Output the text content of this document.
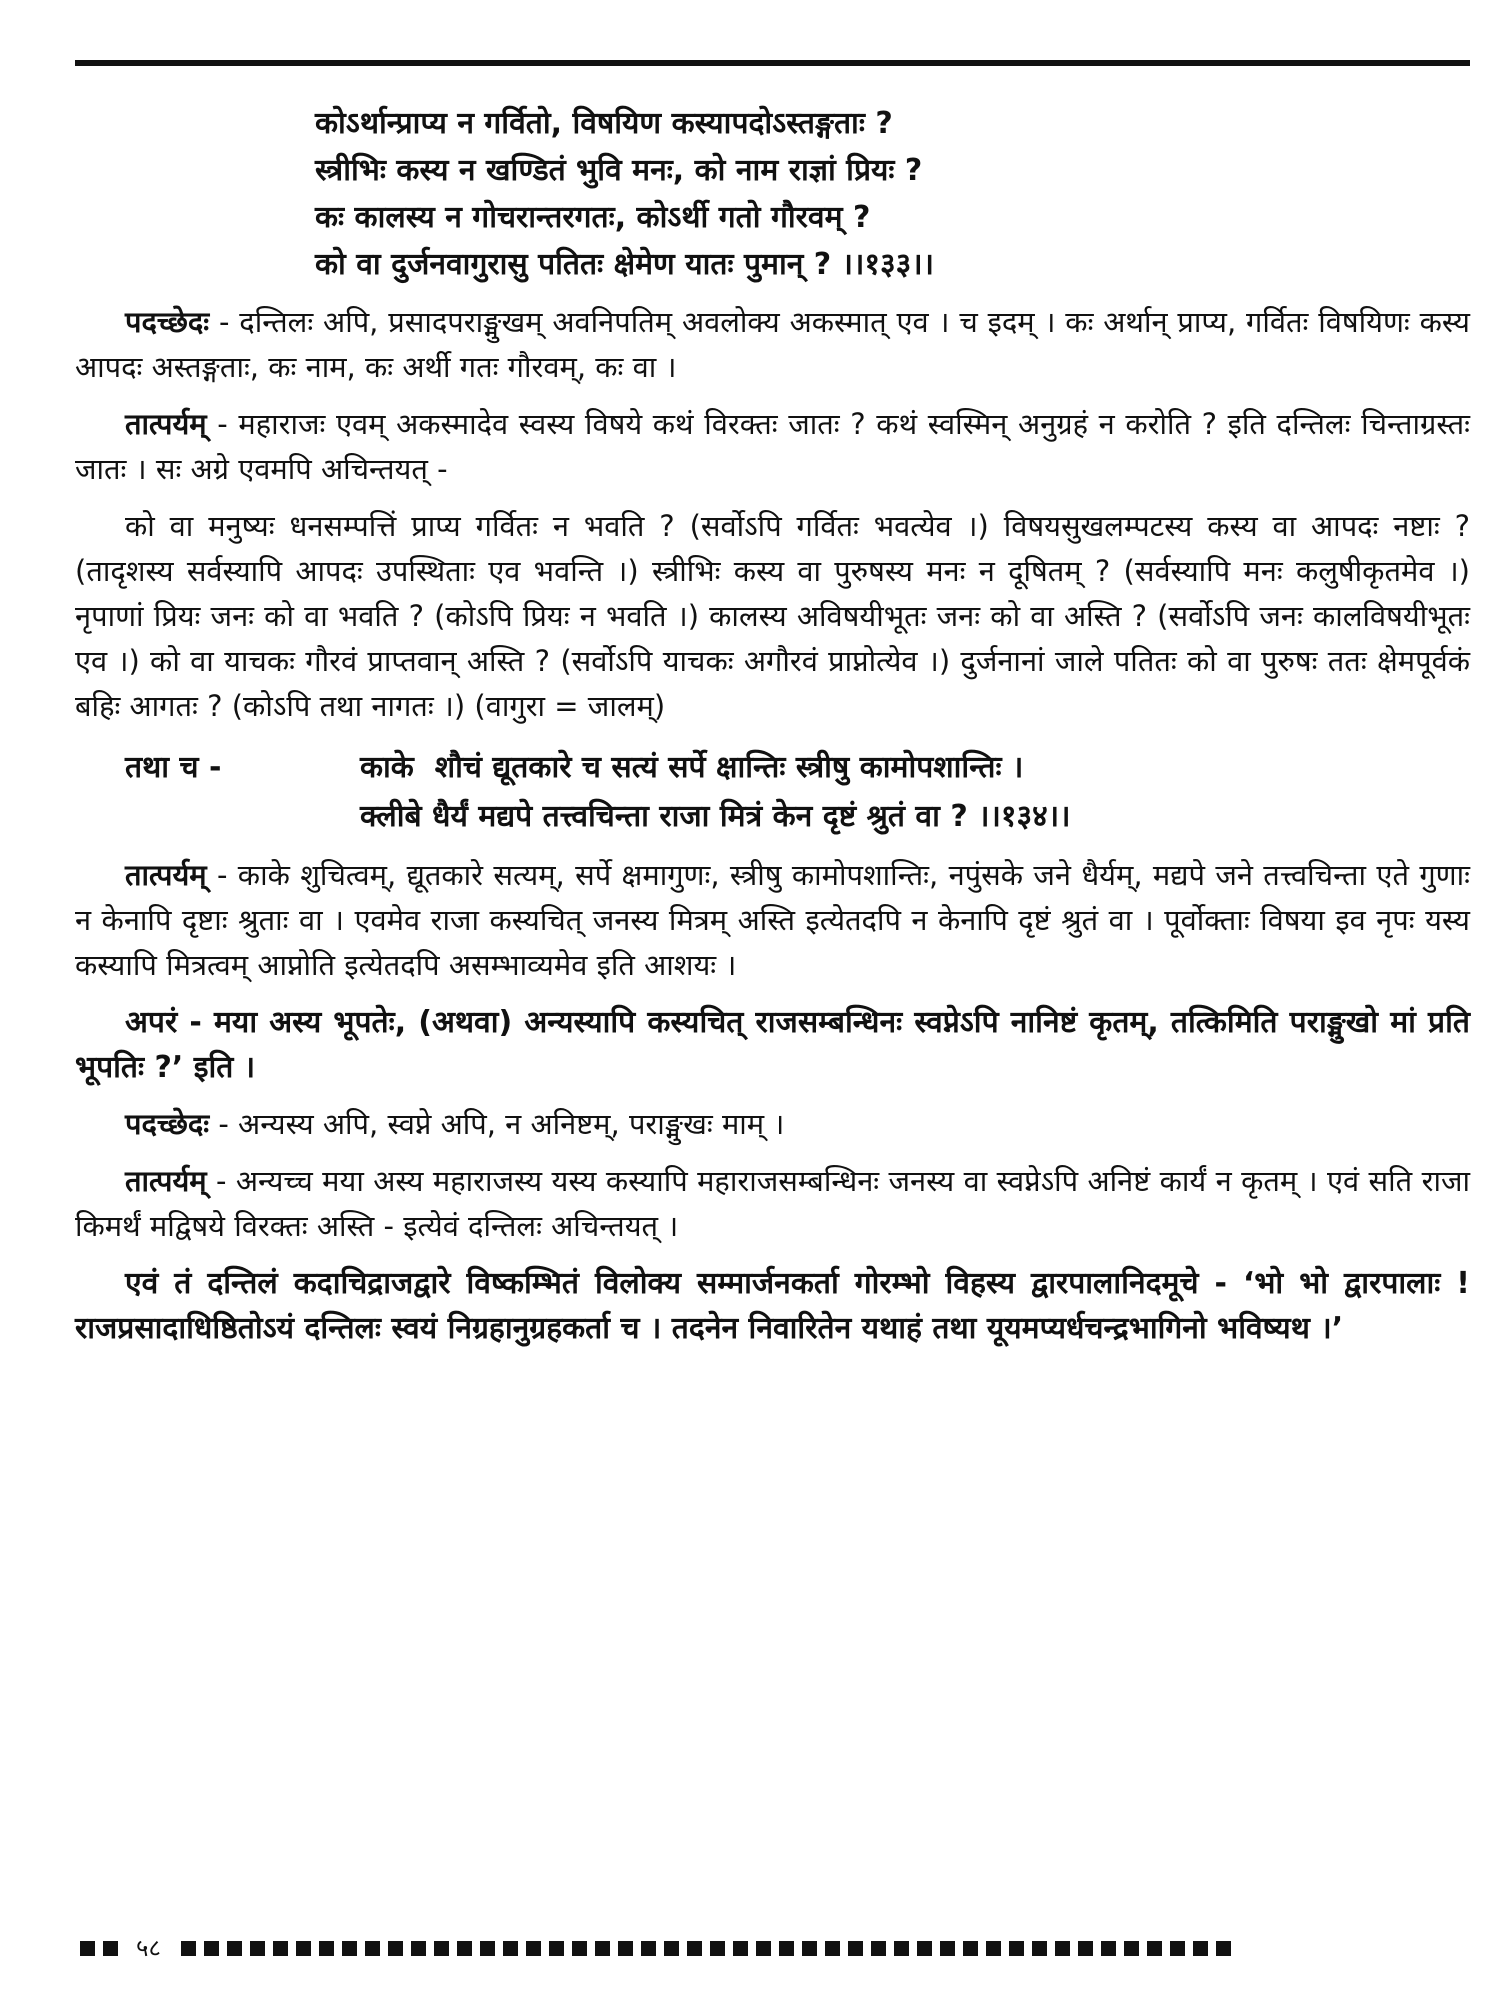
कोऽर्थान्प्राप्य न गर्वितो, विषयिण कस्यापदोऽस्तङ्गताः ?
स्त्रीभिः कस्य न खण्डितं भुवि मनः, को नाम राज्ञां प्रियः ?
कः कालस्य न गोचरान्तरगतः, कोऽर्थी गतो गौरवम् ?
को वा दुर्जनवागुरासु पतितः क्षेमेण यातः पुमान् ? ।।१३३।।
पदच्छेदः - दन्तिलः अपि, प्रसादपराङ्मुखम् अवनिपतिम् अवलोक्य अकस्मात् एव । च इदम् । कः अर्थान् प्राप्य, गर्वितः विषयिणः कस्य आपदः अस्तङ्गताः, कः नाम, कः अर्थी गतः गौरवम्, कः वा ।
तात्पर्यम् - महाराजः एवम् अकस्मादेव स्वस्य विषये कथं विरक्तः जातः ? कथं स्वस्मिन् अनुग्रहं न करोति ? इति दन्तिलः चिन्ताग्रस्तः जातः । सः अग्रे एवमपि अचिन्तयत् -
को वा मनुष्यः धनसम्पत्तिं प्राप्य गर्वितः न भवति ? (सर्वोऽपि गर्वितः भवत्येव ।) विषयसुखलम्पटस्य कस्य वा आपदः नष्टाः ? (तादृशस्य सर्वस्यापि आपदः उपस्थिताः एव भवन्ति ।) स्त्रीभिः कस्य वा पुरुषस्य मनः न दूषितम् ? (सर्वस्यापि मनः कलुषीकृतमेव ।) नृपाणां प्रियः जनः को वा भवति ? (कोऽपि प्रियः न भवति ।) कालस्य अविषयीभूतः जनः को वा अस्ति ? (सर्वोऽपि जनः कालविषयीभूतः एव ।) को वा याचकः गौरवं प्राप्तवान् अस्ति ? (सर्वोऽपि याचकः अगौरवं प्राप्नोत्येव ।) दुर्जनानां जाले पतितः को वा पुरुषः ततः क्षेमपूर्वकं बहिः आगतः ? (कोऽपि तथा नागतः ।) (वागुरा = जालम्)
तथा च -	काके  शौचं द्यूतकारे च सत्यं सर्पे क्षान्तिः स्त्रीषु कामोपशान्तिः ।
क्लीबे धैर्यं मद्यपे तत्त्वचिन्ता राजा मित्रं केन दृष्टं श्रुतं वा ? ।।१३४।।
तात्पर्यम् - काके शुचित्वम्, द्यूतकारे सत्यम्, सर्पे क्षमागुणः, स्त्रीषु कामोपशान्तिः, नपुंसके जने धैर्यम्, मद्यपे जने तत्त्वचिन्ता एते गुणाः न केनापि दृष्टाः श्रुताः वा । एवमेव राजा कस्यचित् जनस्य मित्रम् अस्ति इत्येतदपि न केनापि दृष्टं श्रुतं वा । पूर्वोक्ताः विषया इव नृपः यस्य कस्यापि मित्रत्वम् आप्नोति इत्येतदपि असम्भाव्यमेव इति आशयः ।
अपरं - मया अस्य भूपतेः, (अथवा) अन्यस्यापि कस्यचित् राजसम्बन्धिनः स्वप्नेऽपि नानिष्टं कृतम्, तत्किमिति पराङ्मुखो मां प्रति भूपतिः ?’ इति ।
पदच्छेदः - अन्यस्य अपि, स्वप्ने अपि, न अनिष्टम्, पराङ्मुखः माम् ।
तात्पर्यम् - अन्यच्च मया अस्य महाराजस्य यस्य कस्यापि महाराजसम्बन्धिनः जनस्य वा स्वप्नेऽपि अनिष्टं कार्यं न कृतम् । एवं सति राजा किमर्थं मद्विषये विरक्तः अस्ति - इत्येवं दन्तिलः अचिन्तयत् ।
एवं तं दन्तिलं कदाचिद्राजद्वारे विष्कम्भितं विलोक्य सम्मार्जनकर्ता गोरम्भो विहस्य द्वारपालानिदमूचे - ‘भो भो द्वारपालाः ! राजप्रसादाधिष्ठितोऽयं दन्तिलः स्वयं निग्रहानुग्रहकर्ता च । तदनेन निवारितेन यथाहं तथा यूयमप्यर्धचन्द्रभागिनो भविष्यथ ।’
५८
